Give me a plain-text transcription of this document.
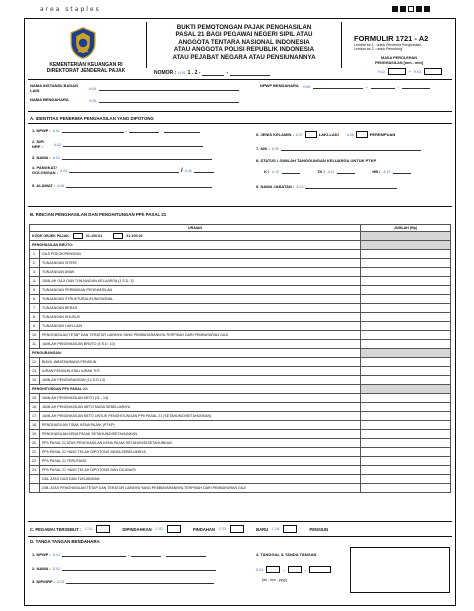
area staples
KEMENTERIAN KEUANGAN RI
DIREKTORAT JENDERAL PAJAK
BUKTI PEMOTONGAN PAJAK PENGHASILAN
PASAL 21 BAGI PEGAWAI NEGERI SIPIL ATAU
ANGGOTA TENTARA NASIONAL INDONESIA
ATAU ANGGOTA POLISI REPUBLIK INDONESIA
ATAU PEJABAT NEGARA ATAU PENSIUNANNYA
NOMOR : H.01 1 . 2 -	-
FORMULIR 1721 - A2
Lembar ke-1 : untuk Penerima Penghasilan
Lembar ke-2 : untuk Pemotong
MASA PEROLEHAN
PENGHASILAN [mm - mm]
H.02	- H.03
NAMA INSTANSI/ BADAN LAIN	H.04
NAMA BENDAHARA	H.05
NPWP BENDAHARA	H.06	-	.
A. IDENTITAS PENERIMA PENGHASILAN YANG DIPOTONG
1. NPWP : A.01	-	.
2. NIP/ NRP :	A.02
3. NAMA : A.03
4. PANGKAT/ GOLONGAN : A.04	/ A.05
5. ALAMAT : A.06
6. JENIS KELAMIN : A.07	LAKI-LAKI A.08	PEREMPUAN
7. NIK : A.09
8. STATUS / JUMLAH TANGGUNGAN KELUARGA UNTUK PTKP
K / A.10	TK / A.11	HB / A.12
9. NAMA JABATAN : A.13
B. RINCIAN PENGHASILAN DAN PENGHITUNGAN PPh PASAL 21
URAIAN		JUMLAH (Rp)
KODE OBJEK PAJAK: 21-100-01 21-100-02		
PENGHASILAN BRUTO:		
1.	GAJI POKOK/PENSIUN	
2.	TUNJANGAN ISTERI	
3.	TUNJANGAN ANAK	
4.	JUMLAH GAJI DAN TUNJANGAN KELUARGA (1 S.D. 3)	
5.	TUNJANGAN PERBAIKAN PENGHASILAN	
6.	TUNJANGAN STRUKTURAL/FUNGSIONAL	
7.	TUNJANGAN BERAS	
8.	TUNJANGAN KHUSUS	
9.	TUNJANGAN LAIN-LAIN	
10.	PENGHASILAN TETAP DAN TERATUR LAINNYA YANG PEMBAYARANNYA TERPISAH DARI PEMBAYARAN GAJI	
11.	JUMLAH PENGHASILAN BRUTO (4 S.D. 10)	
PENGURANGAN:		
12.	BIAYA JABATAN/BIAYA PENSIUN	
13.	IURAN PENSIUN ATAU IURAN THT	
14.	JUMLAH PENGURANGAN (12 S.D.14)	
PENGHITUNGAN PPh PASAL 21:		
15.	JUMLAH PENGHASILAN NETO (11 - 14)	
16.	JUMLAH PENGHASILAN NETO MASA SEBELUMNYA	
17.	JUMLAH PENGHASILAN NETO UNTUK PENGHITUNGAN PPh PASAL 21 (SETAHUN/DISETAHUNKAN)	
18.	PENGHASILAN TIDAK KENA PAJAK (PTKP)	
19.	PENGHASILAN KENA PAJAK SETAHUN/DISETAHUNKAN	
20.	PPh PASAL 21 ATAS PENGHASILAN KENA PAJAK SETAHUN/DISETAHUNKAN	
21.	PPh PASAL 21 YANG TELAH DIPOTONG MASA SEBELUMNYA	
22.	PPh PASAL 21 TERUTANG	
23.	PPh PASAL 21 YANG TELAH DIPOTONG DAN DILUNASI	
	23A. ATAS GAJI DAN TUNJANGAN	
	23B. ATAS PENGHASILAN TETAP DAN TERATUR LAINNYA YANG PEMBAYARANNYA TERPISAH DARI PEMBAYARAN GAJI	
C. PEGAWAI TERSEBUT : C.01	DIPINDAHKAN C.02	PINDAHAN C.03	BARU C.04	PENSIUN
D. TANDA TANGAN BENDAHARA
1. NPWP : D.01	-	.
2. NAMA : D.02
3. NIP/NRP : D.03
4. TANGGAL & TANDA TANGAN
D.04	-	-
[dd - mm - yyyy]
